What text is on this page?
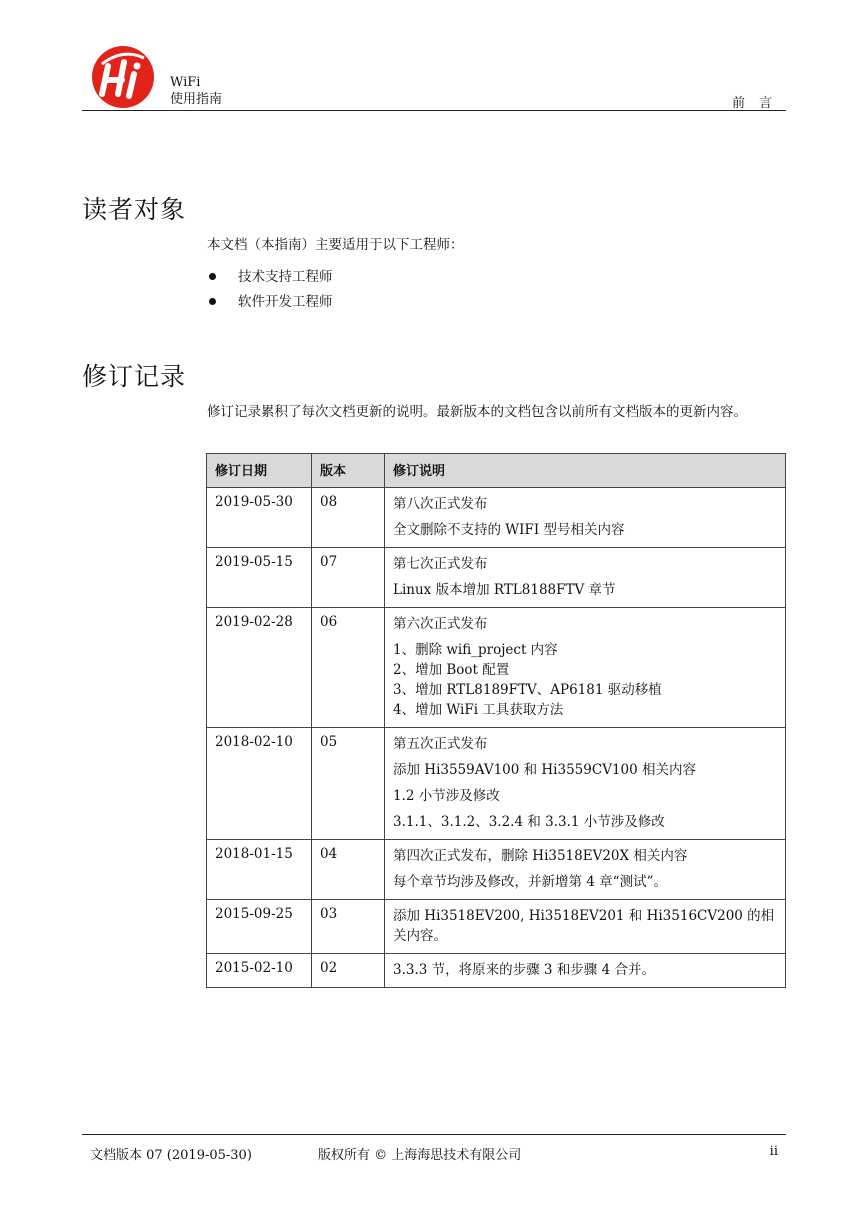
WiFi
使用指南	前言
读者对象
本文档（本指南）主要适用于以下工程师：
技术支持工程师
软件开发工程师
修订记录
修订记录累积了每次文档更新的说明。最新版本的文档包含以前所有文档版本的更新内容。
修订日期	版本	修订说明
2019-05-30	08	第八次正式发布
全文删除不支持的 WIFI 型号相关内容

2019-05-15	07	第七次正式发布
Linux 版本增加 RTL8188FTV 章节

2019-02-28	06	第六次正式发布
1、删除 wifi_project 内容
2、增加 Boot 配置
3、增加 RTL8189FTV、AP6181 驱动移植
4、增加 WiFi 工具获取方法

2018-02-10	05	第五次正式发布
添加 Hi3559AV100 和 Hi3559CV100 相关内容
1.2 小节涉及修改
3.1.1、3.1.2、3.2.4 和 3.3.1 小节涉及修改

2018-01-15	04	第四次正式发布，删除 Hi3518EV20X 相关内容
每个章节均涉及修改，并新增第 4 章“测试”。

2015-09-25	03	添加 Hi3518EV200, Hi3518EV201 和 Hi3516CV200 的相关内容。

2015-02-10	02	3.3.3 节，将原来的步骤 3 和步骤 4 合并。
文档版本 07 (2019-05-30)	版权所有 © 上海海思技术有限公司	ii
